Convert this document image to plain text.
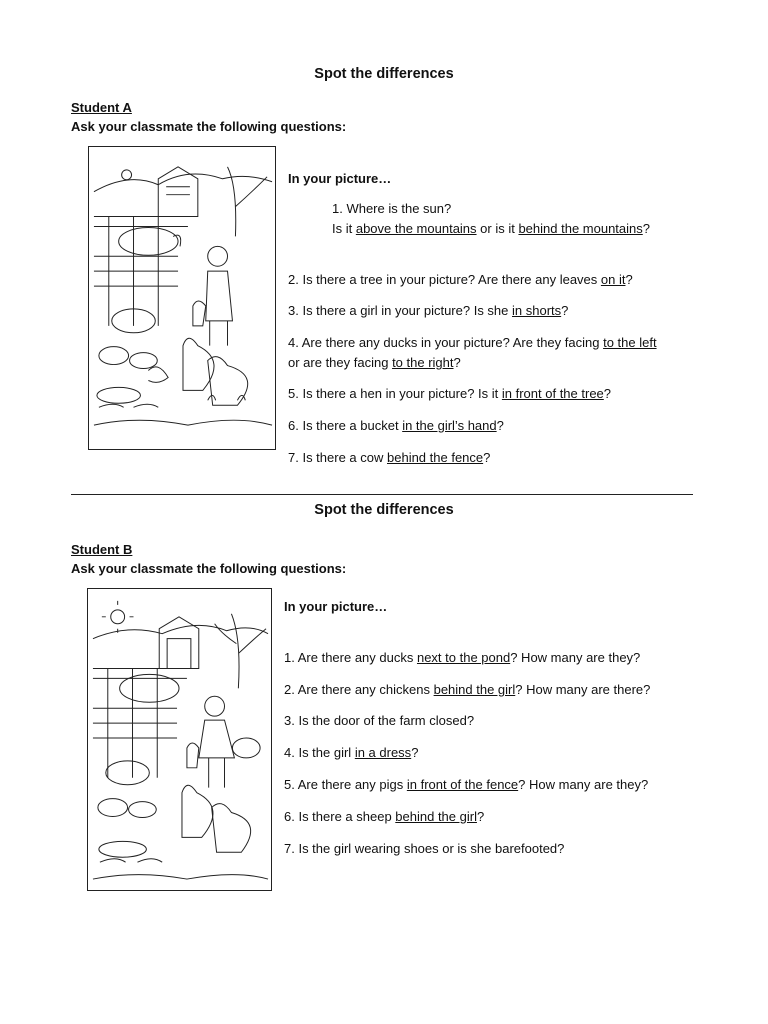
Spot the differences
Student A
Ask your classmate the following questions:
In your picture…
1. Where is the sun?
Is it above the mountains or is it behind the mountains?
2. Is there a tree in your picture? Are there any leaves on it?
3. Is there a girl in your picture? Is she in shorts?
4. Are there any ducks in your picture? Are they facing to the left
or are they facing to the right?
5. Is there a hen in your picture? Is it in front of the tree?
6. Is there a bucket in the girl’s hand?
7. Is there a cow behind the fence?
Spot the differences
Student B
Ask your classmate the following questions:
In your picture…
1. Are there any ducks next to the pond? How many are they?
2. Are there any chickens behind the girl? How many are there?
3. Is the door of the farm closed?
4. Is the girl in a dress?
5. Are there any pigs in front of the fence? How many are they?
6. Is there a sheep behind the girl?
7. Is the girl wearing shoes or is she barefooted?
